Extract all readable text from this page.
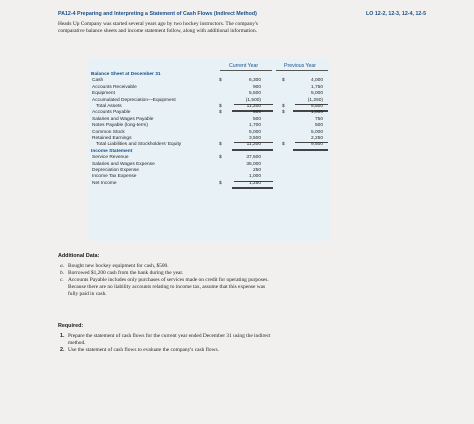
PA12-4 Preparing and Interpreting a Statement of Cash Flows (Indirect Method)	LO 12-2, 12-3, 12-4, 12-5
Heads Up Company was started several years ago by two hockey instructors. The company's
comparative balance sheets and income statement follow, along with additional information.
Current Year	Previous Year
Balance Sheet at December 31
Cash	$	6,300	$	4,000
Accounts Receivable	900	1,750
Equipment	5,500	5,000
Accumulated Depreciation—Equipment	(1,500)	(1,250)
Total Assets	$	11,200	$	9,500
Accounts Payable	$	500	$	1,000
Salaries and Wages Payable	500	750
Notes Payable (long-term)	1,700	500
Common Stock	5,000	5,000
Retained Earnings	3,500	2,250
Total Liabilities and Stockholders' Equity	$	11,200	$	9,500
Income Statement
Service Revenue	$	37,500
Salaries and Wages Expense	35,000
Depreciation Expense	250
Income Tax Expense	1,000
Net Income	$	1,250
Additional Data:
a. Bought new hockey equipment for cash, $500.
b. Borrowed $1,200 cash from the bank during the year.
c. Accounts Payable includes only purchases of services made on credit for operating purposes.
Because there are no liability accounts relating to income tax, assume that this expense was
fully paid in cash.
Required:
1. Prepare the statement of cash flows for the current year ended December 31 using the indirect
method.
2. Use the statement of cash flows to evaluate the company's cash flows.
